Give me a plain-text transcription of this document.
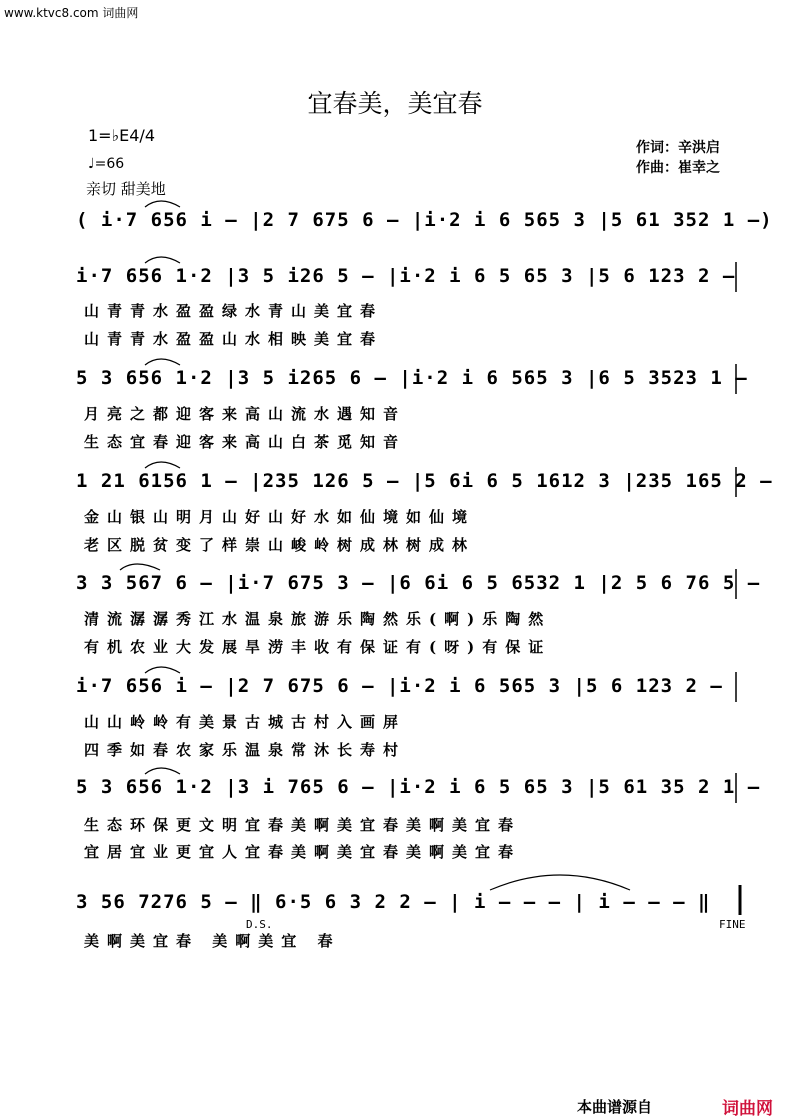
www.ktvc8.com 词曲网
宜春美，美宜春
1=♭E4/4
♩=66
亲切 甜美地
作词：辛洪启
作曲：崔幸之
( i·7 656 i – |2 7 675 6 – |i·2 i 6 565 3 |5 61 352 1 –)
i·7 656 1·2 |3 5 i26 5 – |i·2 i 6 5 65 3 |5 6 123 2 –
山青青水盈盈绿水青山美宜春
山青青水盈盈山水相映美宜春
5 3 656 1·2 |3 5 i265 6 – |i·2 i 6 565 3 |6 5 3523 1 –
月亮之都迎客来高山流水遇知音
生态宜春迎客来高山白茶觅知音
1 21 6156 1 – |235 126 5 – |5 6i 6 5 1612 3 |235 165 2 –
金山银山明月山好山好水如仙境如仙境
老区脱贫变了样崇山峻岭树成林树成林
3 3 567 6 – |i·7 675 3 – |6 6i 6 5 6532 1 |2 5 6 76 5 –
清流潺潺秀江水温泉旅游乐陶然乐(啊)乐陶然
有机农业大发展旱涝丰收有保证有(呀)有保证
i·7 656 i – |2 7 675 6 – |i·2 i 6 565 3 |5 6 123 2 –
山山岭岭有美景古城古村入画屏
四季如春农家乐温泉常沐长寿村
5 3 656 1·2 |3 i 765 6 – |i·2 i 6 5 65 3 |5 61 35 2 1 –
生态环保更文明宜春美啊美宜春美啊美宜春
宜居宜业更宜人宜春美啊美宜春美啊美宜春
3 56 7276 5 – ‖ 6·5 6 3 2 2 – | i – – – | i – – – ‖
D.S.	FINE
美啊美宜春 美啊美宜 春
本曲谱源自	词曲网
